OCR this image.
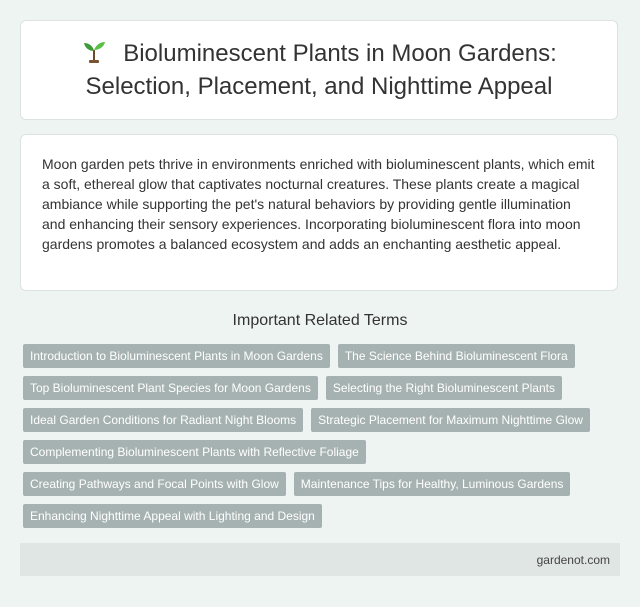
Bioluminescent Plants in Moon Gardens: Selection, Placement, and Nighttime Appeal

Moon garden pets thrive in environments enriched with bioluminescent plants, which emit a soft, ethereal glow that captivates nocturnal creatures. These plants create a magical ambiance while supporting the pet's natural behaviors by providing gentle illumination and enhancing their sensory experiences. Incorporating bioluminescent flora into moon gardens promotes a balanced ecosystem and adds an enchanting aesthetic appeal.

Important Related Terms
Introduction to Bioluminescent Plants in Moon Gardens	The Science Behind Bioluminescent Flora
Top Bioluminescent Plant Species for Moon Gardens	Selecting the Right Bioluminescent Plants
Ideal Garden Conditions for Radiant Night Blooms	Strategic Placement for Maximum Nighttime Glow
Complementing Bioluminescent Plants with Reflective Foliage
Creating Pathways and Focal Points with Glow	Maintenance Tips for Healthy, Luminous Gardens
Enhancing Nighttime Appeal with Lighting and Design
gardenot.com
